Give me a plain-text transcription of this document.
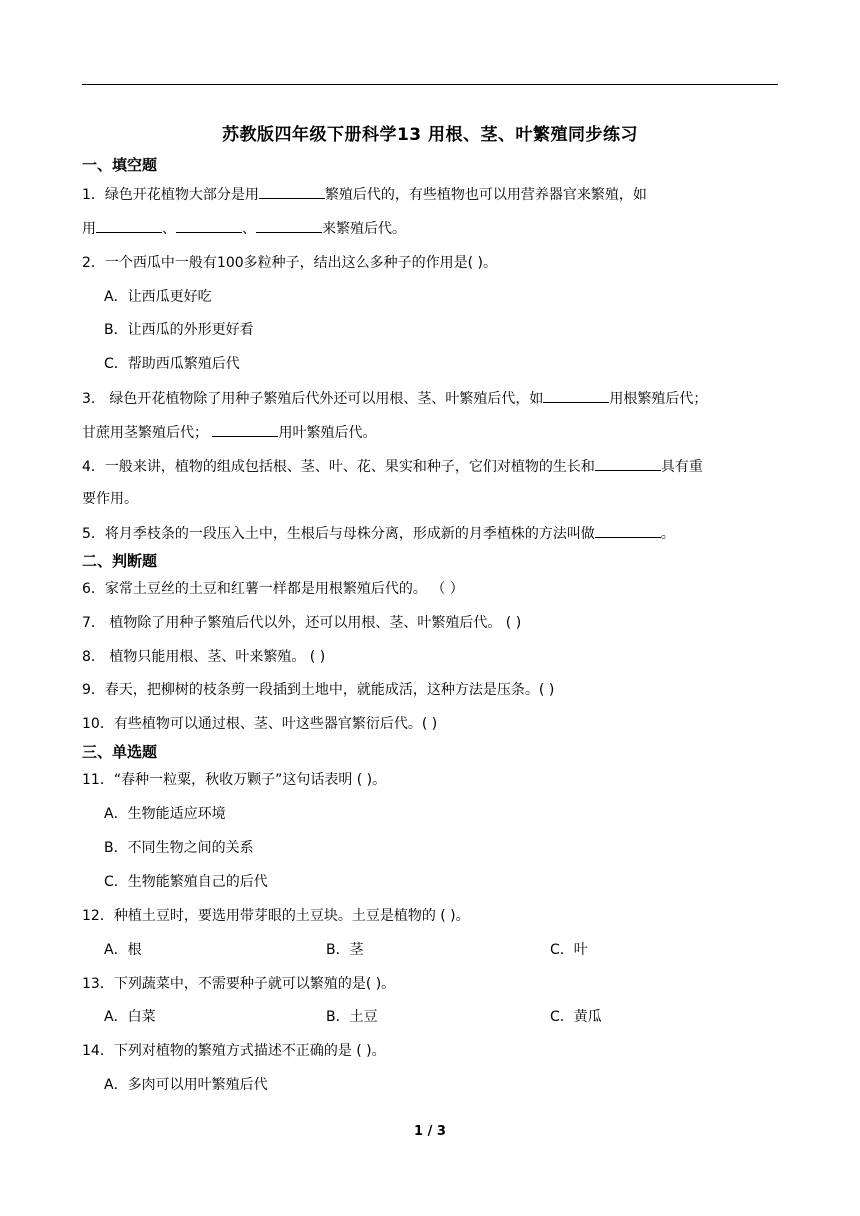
苏教版四年级下册科学13 用根、茎、叶繁殖同步练习
一、填空题
1．绿色开花植物大部分是用	繁殖后代的，有些植物也可以用营养器官来繁殖，如
用	、	、	来繁殖后代。
2．一个西瓜中一般有100多粒种子，结出这么多种子的作用是( )。
A．让西瓜更好吃
B．让西瓜的外形更好看
C．帮助西瓜繁殖后代
3． 绿色开花植物除了用种子繁殖后代外还可以用根、茎、叶繁殖后代，如	用根繁殖后代；
甘蔗用茎繁殖后代；	用叶繁殖后代。
4．一般来讲，植物的组成包括根、茎、叶、花、果实和种子，它们对植物的生长和	具有重
要作用。
5．将月季枝条的一段压入土中，生根后与母株分离，形成新的月季植株的方法叫做	。
二、判断题
6．家常土豆丝的土豆和红薯一样都是用根繁殖后代的。 （ ）
7． 植物除了用种子繁殖后代以外，还可以用根、茎、叶繁殖后代。 ( )
8． 植物只能用根、茎、叶来繁殖。 ( )
9．春天，把柳树的枝条剪一段插到土地中，就能成活，这种方法是压条。( )
10．有些植物可以通过根、茎、叶这些器官繁衍后代。( )
三、单选题
11．“春种一粒粟，秋收万颗子”这句话表明 ( )。
A．生物能适应环境
B．不同生物之间的关系
C．生物能繁殖自己的后代
12．种植土豆时，要选用带芽眼的土豆块。土豆是植物的 ( )。
A．根	B．茎	C．叶
13．下列蔬菜中，不需要种子就可以繁殖的是( )。
A．白菜	B．土豆	C．黄瓜
14．下列对植物的繁殖方式描述不正确的是 ( )。
A．多肉可以用叶繁殖后代
1 / 3
